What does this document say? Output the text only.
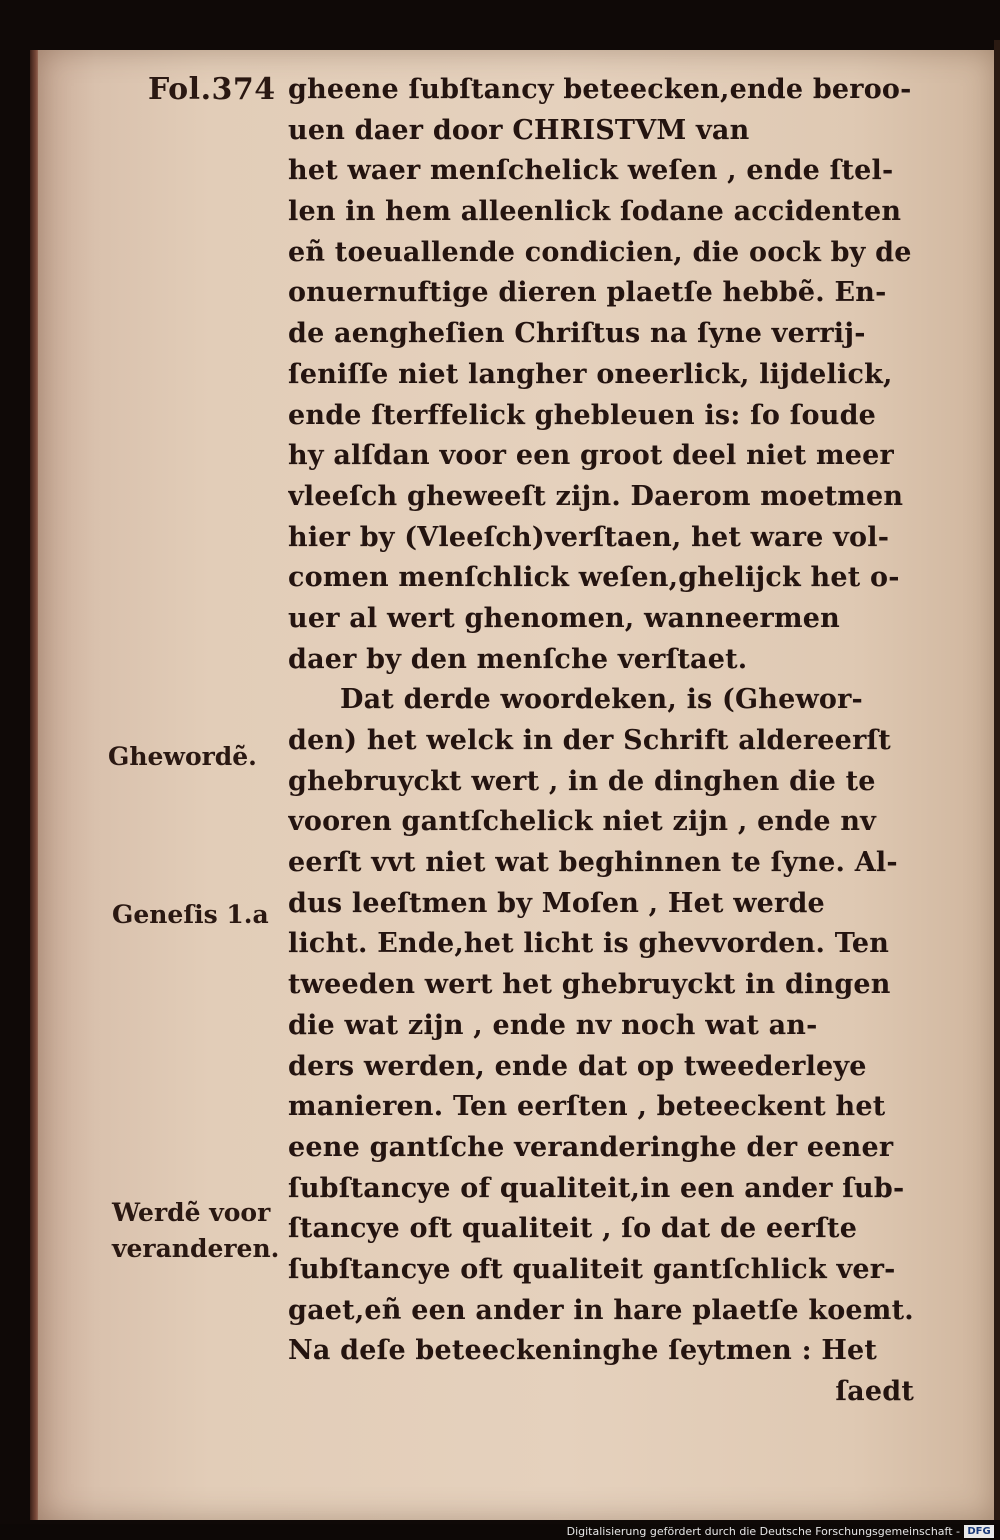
Fol.374 gheene ſubſtancy beteecken,ende beroo-
uen daer door CHRISTVM van
het waer menſchelick weſen , ende ſtel-
len in hem alleenlick ſodane accidenten
eñ toeuallende condicien, die oock by de
onuernuftige dieren plaetſe hebbẽ. En-
de aengheſien Chriſtus na ſyne verrij-
ſeniſſe niet langher oneerlick, lijdelick,
ende ſterffelick ghebleuen is: ſo ſoude
hy alſdan voor een groot deel niet meer
vleeſch gheweeſt zijn. Daerom moetmen
hier by (Vleeſch)verſtaen, het ware vol-
comen menſchlick weſen,ghelijck het o-
uer al wert ghenomen, wanneermen
daer by den menſche verſtaet.
Dat derde woordeken, is (Ghewor-
den) het welck in der Schrift aldereerſt
ghebruyckt wert , in de dinghen die te
vooren gantſchelick niet zijn , ende nv
eerſt vvt niet wat beghinnen te ſyne. Al-
dus leeſtmen by Moſen , Het werde
licht. Ende,het licht is ghevvorden. Ten
tweeden wert het ghebruyckt in dingen
die wat zijn , ende nv noch wat an-
ders werden, ende dat op tweederleye
manieren. Ten eerſten , beteeckent het
eene gantſche veranderinghe der eener
ſubſtancye of qualiteit,in een ander ſub-
ſtancye oft qualiteit , ſo dat de eerſte
ſubſtancye oft qualiteit gantſchlick ver-
gaet,eñ een ander in hare plaetſe koemt.
Na deſe beteeckeninghe ſeytmen : Het
ſaedt
Ghewordẽ.
Geneſis 1.a
Werdẽ voor
veranderen.
Digitalisierung gefördert durch die Deutsche Forschungsgemeinschaft - DFG
